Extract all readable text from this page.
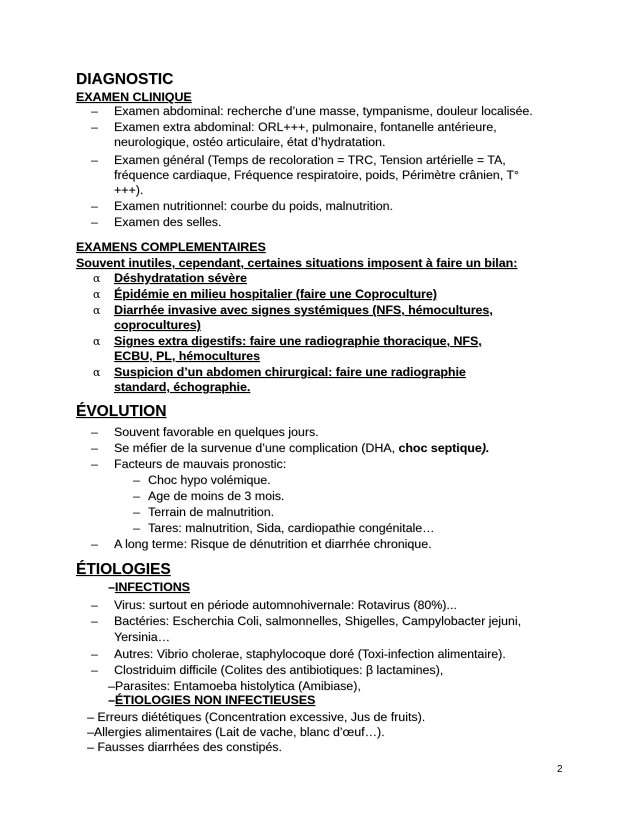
DIAGNOSTIC
EXAMEN CLINIQUE
– Examen abdominal: recherche d’une masse, tympanisme, douleur localisée.
– Examen extra abdominal: ORL+++, pulmonaire, fontanelle antérieure,
neurologique, ostéo articulaire, état d’hydratation.
– Examen général (Temps de recoloration = TRC, Tension artérielle = TA,
fréquence cardiaque, Fréquence respiratoire, poids, Périmètre crânien, T°
+++).
– Examen nutritionnel: courbe du poids, malnutrition.
– Examen des selles.
EXAMENS COMPLEMENTAIRES
Souvent inutiles, cependant, certaines situations imposent à faire un bilan:
α Déshydratation sévère
α Épidémie en milieu hospitalier (faire une Coproculture)
α Diarrhée invasive avec signes systémiques (NFS, hémocultures,
coprocultures)
α Signes extra digestifs: faire une radiographie thoracique, NFS,
ECBU, PL, hémocultures
α Suspicion d’un abdomen chirurgical: faire une radiographie
standard, échographie.
ÉVOLUTION
– Souvent favorable en quelques jours.
– Se méfier de la survenue d’une complication (DHA, choc septique).
– Facteurs de mauvais pronostic:
– Choc hypo volémique.
– Age de moins de 3 mois.
– Terrain de malnutrition.
– Tares: malnutrition, Sida, cardiopathie congénitale…
– A long terme: Risque de dénutrition et diarrhée chronique.
ÉTIOLOGIES
–INFECTIONS
– Virus: surtout en période automnohivernale: Rotavirus (80%)...
– Bactéries: Escherchia Coli, salmonnelles, Shigelles, Campylobacter jejuni,
Yersinia…
– Autres: Vibrio cholerae, staphylocoque doré (Toxi-infection alimentaire).
– Clostriduim difficile (Colites des antibiotiques: β lactamines),
–Parasites: Entamoeba histolytica (Amibiase),
–ÉTIOLOGIES NON INFECTIEUSES
– Erreurs diététiques (Concentration excessive, Jus de fruits).
–Allergies alimentaires (Lait de vache, blanc d’œuf…).
– Fausses diarrhées des constipés.
2
